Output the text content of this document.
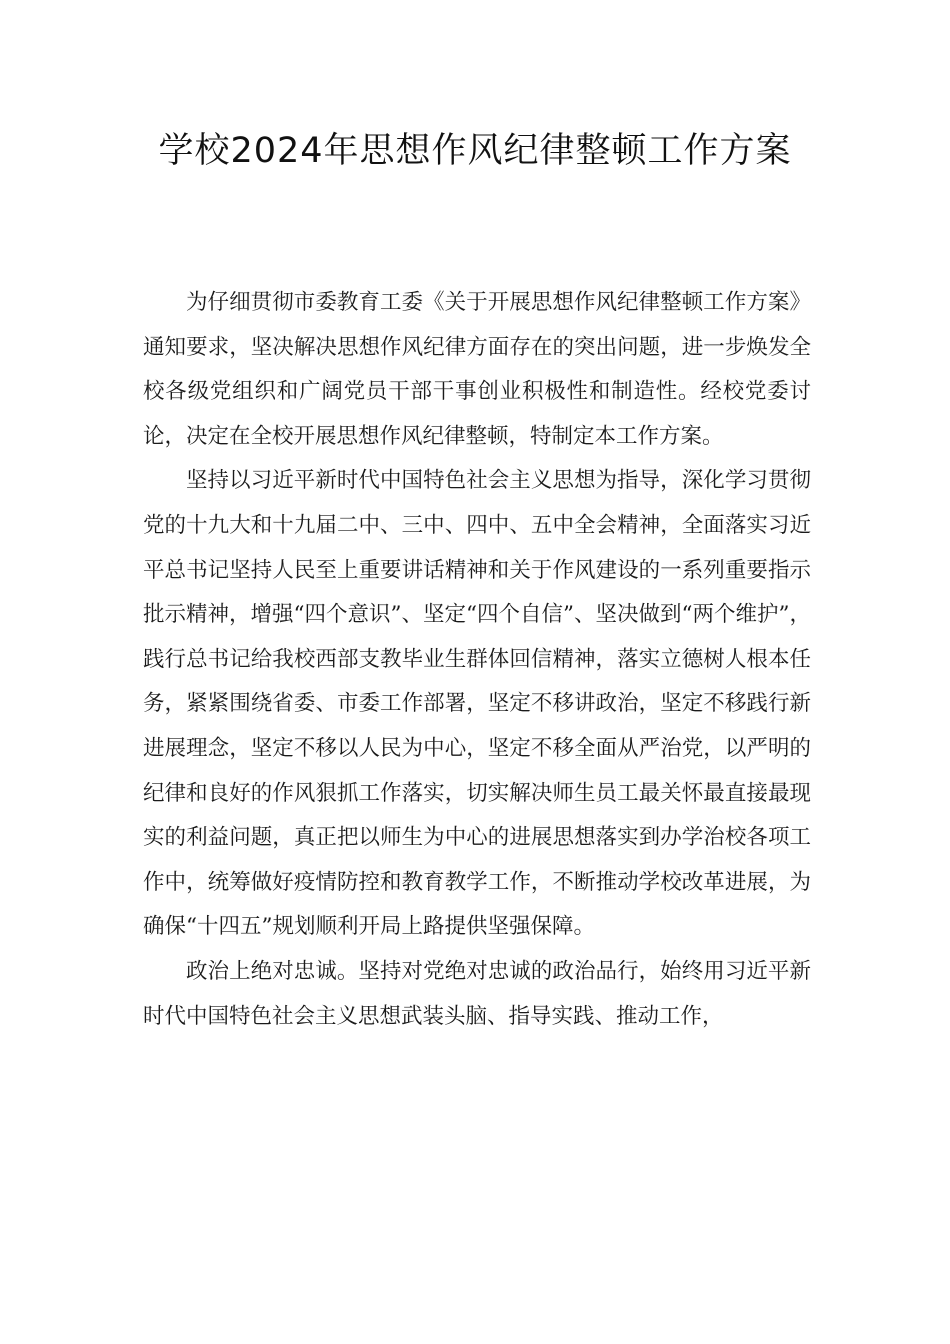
学校2024年思想作风纪律整顿工作方案

为仔细贯彻市委教育工委《关于开展思想作风纪律整顿工作方案》通知要求，坚决解决思想作风纪律方面存在的突出问题，进一步焕发全校各级党组织和广阔党员干部干事创业积极性和制造性。经校党委讨论，决定在全校开展思想作风纪律整顿，特制定本工作方案。

坚持以习近平新时代中国特色社会主义思想为指导，深化学习贯彻党的十九大和十九届二中、三中、四中、五中全会精神，全面落实习近平总书记坚持人民至上重要讲话精神和关于作风建设的一系列重要指示批示精神，增强“四个意识”、坚定“四个自信”、坚决做到“两个维护”，践行总书记给我校西部支教毕业生群体回信精神，落实立德树人根本任务，紧紧围绕省委、市委工作部署，坚定不移讲政治，坚定不移践行新进展理念，坚定不移以人民为中心，坚定不移全面从严治党，以严明的纪律和良好的作风狠抓工作落实，切实解决师生员工最关怀最直接最现实的利益问题，真正把以师生为中心的进展思想落实到办学治校各项工作中，统筹做好疫情防控和教育教学工作，不断推动学校改革进展，为确保“十四五”规划顺利开局上路提供坚强保障。

政治上绝对忠诚。坚持对党绝对忠诚的政治品行，始终用习近平新时代中国特色社会主义思想武装头脑、指导实践、推动工作，
